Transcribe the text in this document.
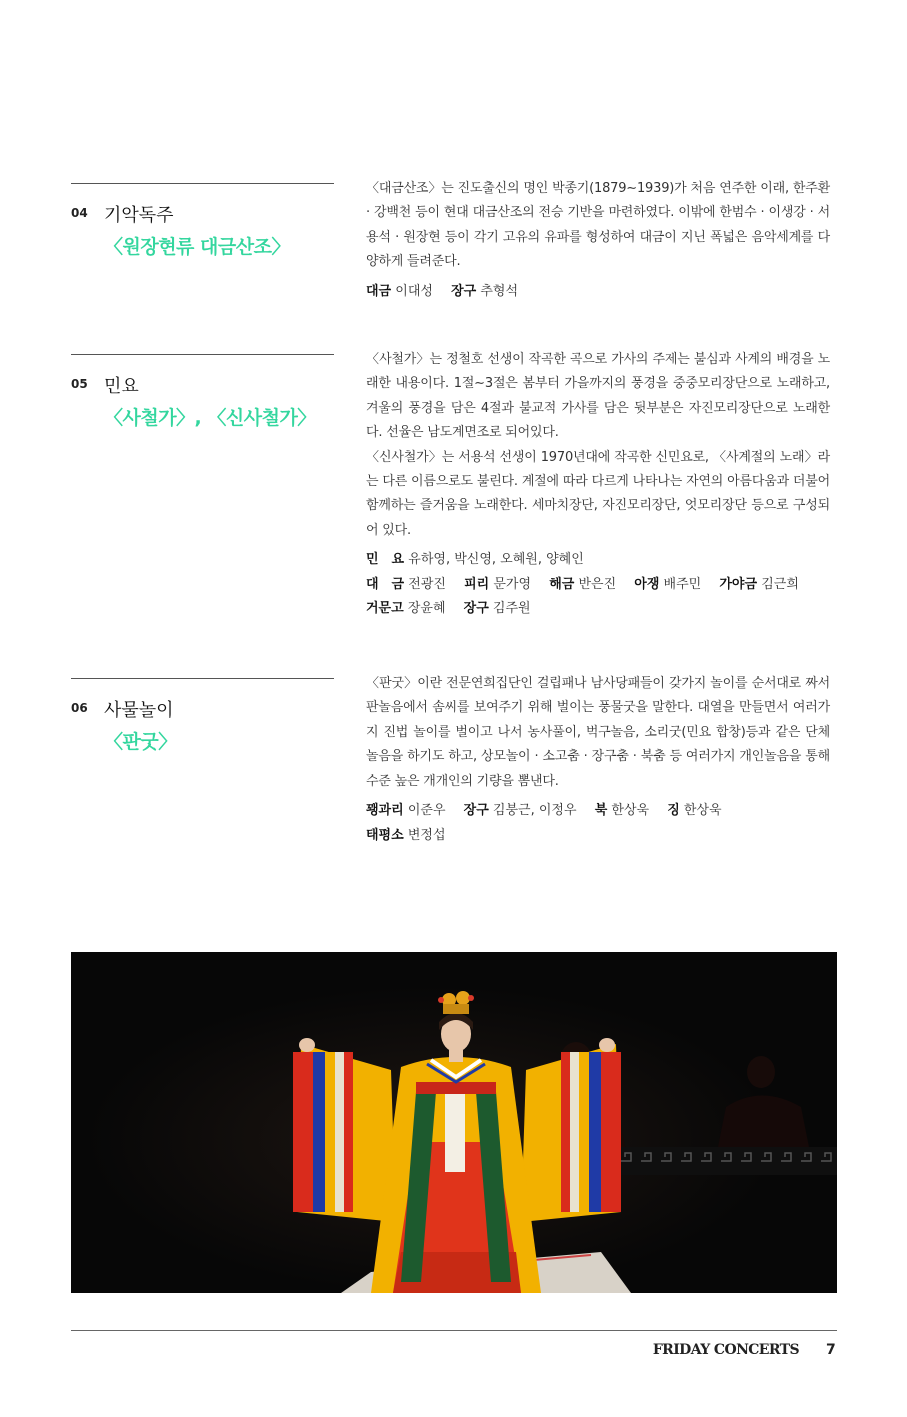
04 기악독주
〈원장현류 대금산조〉

〈대금산조〉는 진도출신의 명인 박종기(1879∼1939)가 처음 연주한 이래, 한주환 · 강백천 등이 현대 대금산조의 전승 기반을 마련하였다. 이밖에 한범수 · 이생강 · 서용석 · 원장현 등이 각기 고유의 유파를 형성하여 대금이 지닌 폭넓은 음악세계를 다양하게 들려준다.

대금 이대성 장구 추형석
05 민요
〈사철가〉, 〈신사철가〉

〈사철가〉는 정철호 선생이 작곡한 곡으로 가사의 주제는 불심과 사계의 배경을 노래한 내용이다. 1절∼3절은 봄부터 가을까지의 풍경을 중중모리장단으로 노래하고, 겨울의 풍경을 담은 4절과 불교적 가사를 담은 뒷부분은 자진모리장단으로 노래한다. 선율은 남도계면조로 되어있다.

〈신사철가〉는 서용석 선생이 1970년대에 작곡한 신민요로, 〈사계절의 노래〉라는 다른 이름으로도 불린다. 계절에 따라 다르게 나타나는 자연의 아름다움과 더불어 함께하는 즐거움을 노래한다. 세마치장단, 자진모리장단, 엇모리장단 등으로 구성되어 있다.

민　요 유하영, 박신영, 오혜원, 양혜인
대　금 전광진 피리 문가영 해금 반은진 아쟁 배주민 가야금 김근희
거문고 장윤혜 장구 김주원
06 사물놀이
〈판굿〉

〈판굿〉이란 전문연희집단인 걸립패나 남사당패들이 갖가지 놀이를 순서대로 짜서 판놀음에서 솜씨를 보여주기 위해 벌이는 풍물굿을 말한다. 대열을 만들면서 여러가지 진법 놀이를 벌이고 나서 농사풀이, 벅구놀음, 소리굿(민요 합창)등과 같은 단체놀음을 하기도 하고, 상모놀이 · 소고춤 · 장구춤 · 북춤 등 여러가지 개인놀음을 통해 수준 높은 개개인의 기량을 뽐낸다.

꽹과리 이준우 장구 김붕근, 이정우 북 한상욱 징 한상욱
태평소 변정섭
FRIDAY CONCERTS 7
